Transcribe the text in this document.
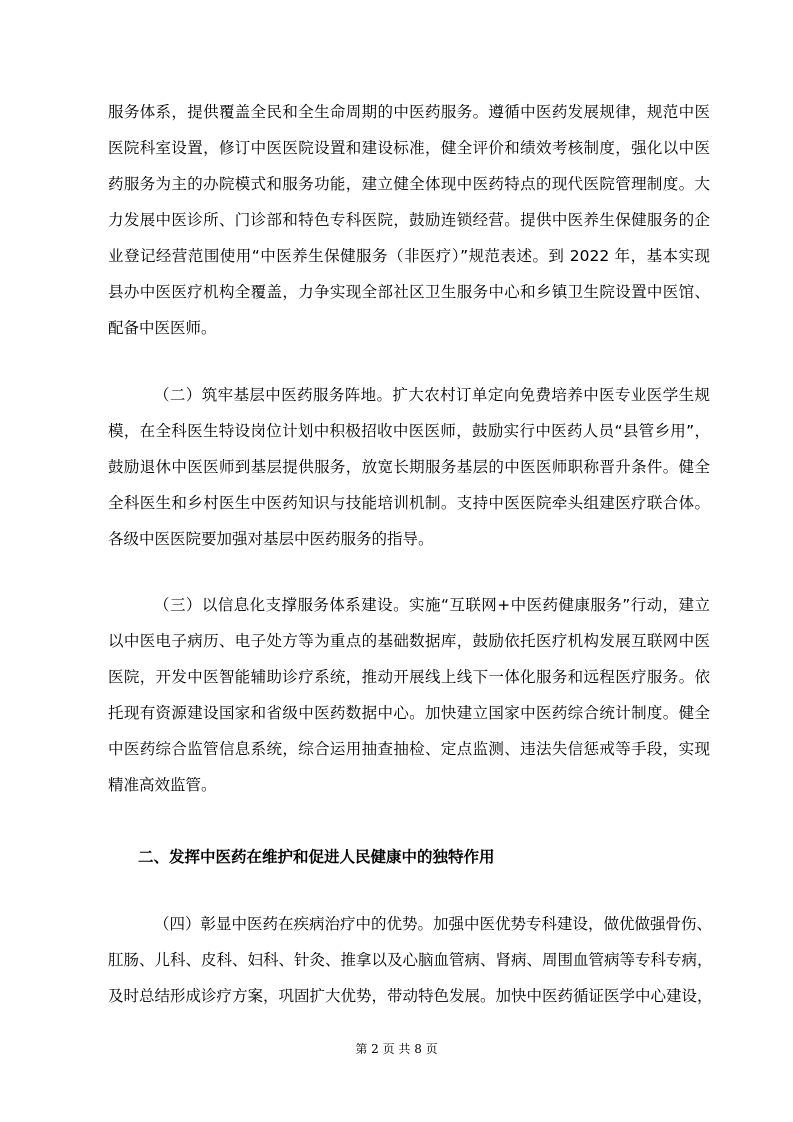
服务体系，提供覆盖全民和全生命周期的中医药服务。遵循中医药发展规律，规范中医
医院科室设置，修订中医医院设置和建设标准，健全评价和绩效考核制度，强化以中医
药服务为主的办院模式和服务功能，建立健全体现中医药特点的现代医院管理制度。大
力发展中医诊所、门诊部和特色专科医院，鼓励连锁经营。提供中医养生保健服务的企
业登记经营范围使用“中医养生保健服务（非医疗）”规范表述。到 2022 年，基本实现
县办中医医疗机构全覆盖，力争实现全部社区卫生服务中心和乡镇卫生院设置中医馆、
配备中医医师。
（二）筑牢基层中医药服务阵地。扩大农村订单定向免费培养中医专业医学生规
模，在全科医生特设岗位计划中积极招收中医医师，鼓励实行中医药人员“县管乡用”，
鼓励退休中医医师到基层提供服务，放宽长期服务基层的中医医师职称晋升条件。健全
全科医生和乡村医生中医药知识与技能培训机制。支持中医医院牵头组建医疗联合体。
各级中医医院要加强对基层中医药服务的指导。
（三）以信息化支撑服务体系建设。实施“互联网+中医药健康服务”行动，建立
以中医电子病历、电子处方等为重点的基础数据库，鼓励依托医疗机构发展互联网中医
医院，开发中医智能辅助诊疗系统，推动开展线上线下一体化服务和远程医疗服务。依
托现有资源建设国家和省级中医药数据中心。加快建立国家中医药综合统计制度。健全
中医药综合监管信息系统，综合运用抽查抽检、定点监测、违法失信惩戒等手段，实现
精准高效监管。
二、发挥中医药在维护和促进人民健康中的独特作用
（四）彰显中医药在疾病治疗中的优势。加强中医优势专科建设，做优做强骨伤、
肛肠、儿科、皮科、妇科、针灸、推拿以及心脑血管病、肾病、周围血管病等专科专病，
及时总结形成诊疗方案，巩固扩大优势，带动特色发展。加快中医药循证医学中心建设，
第 2 页 共 8 页
